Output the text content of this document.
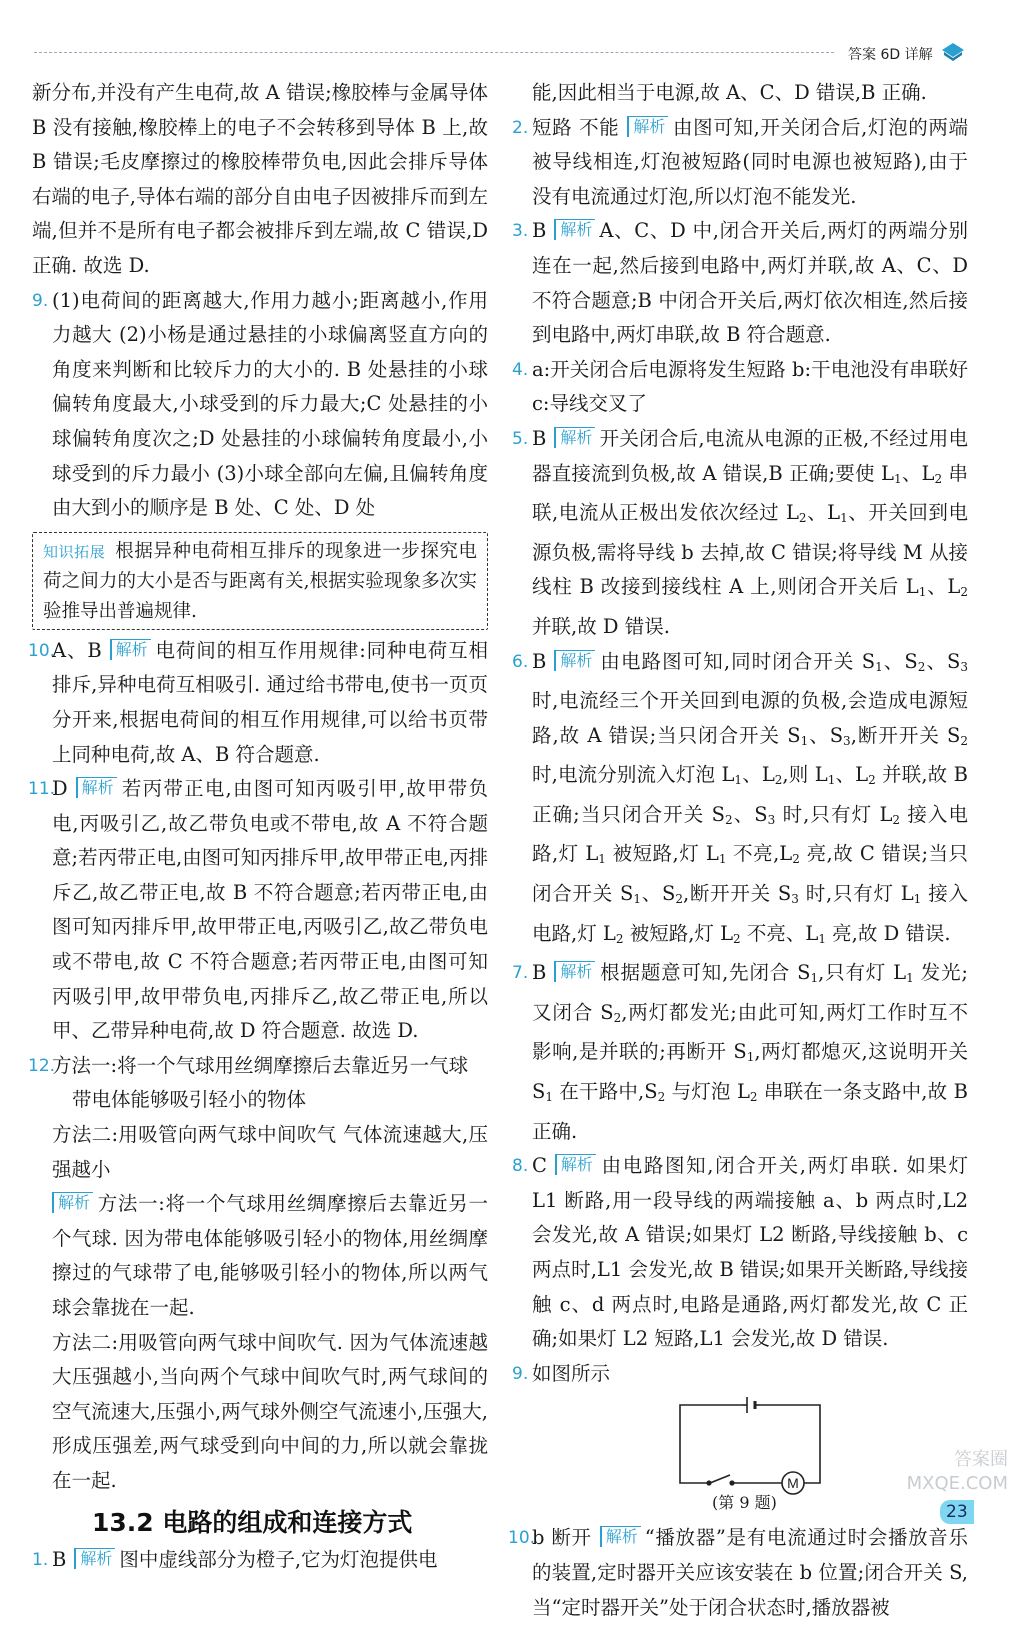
答案 6D 详解
新分布,并没有产生电荷,故 A 错误;橡胶棒与金属导体 B 没有接触,橡胶棒上的电子不会转移到导体 B 上,故 B 错误;毛皮摩擦过的橡胶棒带负电,因此会排斥导体右端的电子,导体右端的部分自由电子因被排斥而到左端,但并不是所有电子都会被排斥到左端,故 C 错误,D 正确. 故选 D.
9. (1)电荷间的距离越大,作用力越小;距离越小,作用力越大 (2)小杨是通过悬挂的小球偏离竖直方向的角度来判断和比较斥力的大小的. B 处悬挂的小球偏转角度最大,小球受到的斥力最大;C 处悬挂的小球偏转角度次之;D 处悬挂的小球偏转角度最小,小球受到的斥力最小 (3)小球全部向左偏,且偏转角度由大到小的顺序是 B 处、C 处、D 处
知识拓展 根据异种电荷相互排斥的现象进一步探究电荷之间力的大小是否与距离有关,根据实验现象多次实验推导出普遍规律.
10.
A、B 解析 电荷间的相互作用规律:同种电荷互相排斥,异种电荷互相吸引. 通过给书带电,使书一页页分开来,根据电荷间的相互作用规律,可以给书页带上同种电荷,故 A、B 符合题意.
11.
D 解析 若丙带正电,由图可知丙吸引甲,故甲带负电,丙吸引乙,故乙带负电或不带电,故 A 不符合题意;若丙带正电,由图可知丙排斥甲,故甲带正电,丙排斥乙,故乙带正电,故 B 不符合题意;若丙带正电,由图可知丙排斥甲,故甲带正电,丙吸引乙,故乙带负电或不带电,故 C 不符合题意;若丙带正电,由图可知丙吸引甲,故甲带负电,丙排斥乙,故乙带正电,所以甲、乙带异种电荷,故 D 符合题意. 故选 D.
12.
方法一:将一个气球用丝绸摩擦后去靠近另一气球
带电体能够吸引轻小的物体
方法二:用吸管向两气球中间吹气 气体流速越大,压强越小
解析 方法一:将一个气球用丝绸摩擦后去靠近另一个气球. 因为带电体能够吸引轻小的物体,用丝绸摩擦过的气球带了电,能够吸引轻小的物体,所以两气球会靠拢在一起.
方法二:用吸管向两气球中间吹气. 因为气体流速越大压强越小,当向两个气球中间吹气时,两气球间的空气流速大,压强小,两气球外侧空气流速小,压强大,形成压强差,两气球受到向中间的力,所以就会靠拢在一起.
13.2 电路的组成和连接方式
1. B 解析 图中虚线部分为橙子,它为灯泡提供电
能,因此相当于电源,故 A、C、D 错误,B 正确.
2. 短路 不能 解析 由图可知,开关闭合后,灯泡的两端被导线相连,灯泡被短路(同时电源也被短路),由于没有电流通过灯泡,所以灯泡不能发光.
3. B 解析 A、C、D 中,闭合开关后,两灯的两端分别连在一起,然后接到电路中,两灯并联,故 A、C、D 不符合题意;B 中闭合开关后,两灯依次相连,然后接到电路中,两灯串联,故 B 符合题意.
4. a:开关闭合后电源将发生短路 b:干电池没有串联好 c:导线交叉了
5. B 解析 开关闭合后,电流从电源的正极,不经过用电器直接流到负极,故 A 错误,B 正确;要使 $L_1$、$L_2$ 串联,电流从正极出发依次经过 $L_2$、$L_1$、开关回到电源负极,需将导线 b 去掉,故 C 错误;将导线 M 从接线柱 B 改接到接线柱 A 上,则闭合开关后 $L_1$、$L_2$ 并联,故 D 错误.
6. B 解析 由电路图可知,同时闭合开关 $S_1$、$S_2$、$S_3$ 时,电流经三个开关回到电源的负极,会造成电源短路,故 A 错误;当只闭合开关 $S_1$、$S_3$,断开开关 $S_2$ 时,电流分别流入灯泡 $L_1$、$L_2$,则 $L_1$、$L_2$ 并联,故 B 正确;当只闭合开关 $S_2$、$S_3$ 时,只有灯 $L_2$ 接入电路,灯 $L_1$ 被短路,灯 $L_1$ 不亮$,L_2$ 亮,故 C 错误;当只闭合开关 $S_1$、$S_2$,断开开关 $S_3$ 时,只有灯 $L_1$ 接入电路,灯 $L_2$ 被短路,灯 $L_2$ 不亮、$L_1$ 亮,故 D 错误.
7. B 解析 根据题意可知,先闭合 $S_1$,只有灯 $L_1$ 发光;又闭合 $S_2$,两灯都发光;由此可知,两灯工作时互不影响,是并联的;再断开 $S_1$,两灯都熄灭,这说明开关 $S_1$ 在干路中$,S_2$ 与灯泡 $L_2$ 串联在一条支路中,故 B 正确.
8. C 解析 由电路图知,闭合开关,两灯串联. 如果灯 L1 断路,用一段导线的两端接触 a、b 两点时,L2 会发光,故 A 错误;如果灯 L2 断路,导线接触 b、c 两点时,L1 会发光,故 B 错误;如果开关断路,导线接触 c、d 两点时,电路是通路,两灯都发光,故 C 正确;如果灯 L2 短路,L1 会发光,故 D 错误.
9. 如图所示
M
(第 9 题)
10.
b 断开 解析 “播放器”是有电流通过时会播放音乐的装置,定时器开关应该安装在 b 位置;闭合开关 S,当“定时器开关”处于闭合状态时,播放器被
答案圈 MXQE.COM
23
